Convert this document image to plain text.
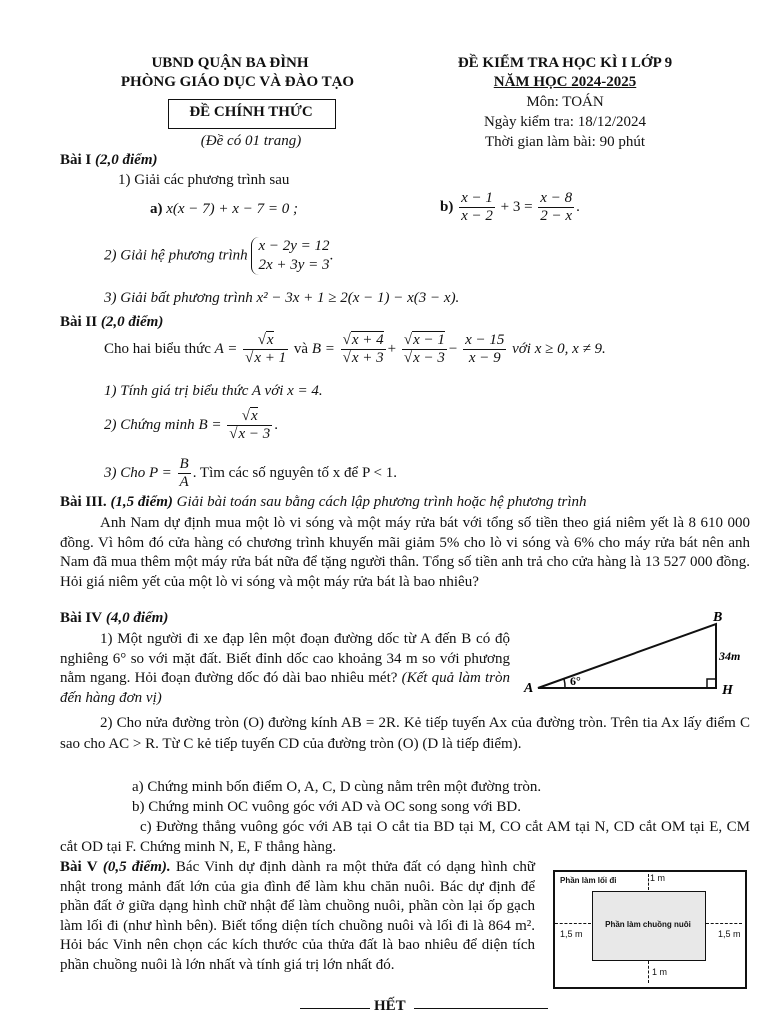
UBND QUẬN BA ĐÌNH
PHÒNG GIÁO DỤC VÀ ĐÀO TẠO
ĐỀ CHÍNH THỨC
(Đề có 01 trang)
ĐỀ KIỂM TRA HỌC KÌ I LỚP 9
NĂM HỌC 2024-2025
Môn: TOÁN
Ngày kiểm tra: 18/12/2024
Thời gian làm bài: 90 phút
Bài I (2,0 điểm)
1) Giải các phương trình sau
a) x(x − 7) + x − 7 = 0 ;	$b) \frac{x - 1}{x - 2} + 3 = \frac{x - 8}{2 - x}$ .
2) Giải hệ phương trình
x − 2y = 12
2x + 3y = 3
.
3) Giải bất phương trình x² − 3x + 1 ≥ 2(x − 1) − x(3 − x).
Bài II (2,0 điểm)
Cho hai biểu thức $A = \frac{√x}{√x + 1}$ và $B = \frac{√x + 4}{√x + 3} + \frac{√x - 1}{√x - 3} - \frac{x - 15}{x - 9}$ với x ≥ 0, x ≠ 9.
1) Tính giá trị biểu thức A với x = 4.
2) Chứng minh $B = \frac{√x}{√x - 3}$ .
3) Cho $P = \frac{B}{A}$ . Tìm các số nguyên tố x để P < 1.
Bài III. (1,5 điểm) Giải bài toán sau bằng cách lập phương trình hoặc hệ phương trình
Anh Nam dự định mua một lò vi sóng và một máy rửa bát với tổng số tiền theo giá niêm yết là 8 610 000 đồng. Vì hôm đó cửa hàng có chương trình khuyến mãi giảm 5% cho lò vi sóng và 6% cho máy rửa bát nên anh Nam đã mua thêm một máy rửa bát nữa để tặng người thân. Tổng số tiền anh trả cho cửa hàng là 13 527 000 đồng. Hỏi giá niêm yết của một lò vi sóng và một máy rửa bát là bao nhiêu?
Bài IV (4,0 điểm)
1) Một người đi xe đạp lên một đoạn đường dốc từ A đến B có độ nghiêng 6° so với mặt đất. Biết đỉnh dốc cao khoảng 34 m so với phương nằm ngang. Hỏi đoạn đường dốc đó dài bao nhiêu mét? (Kết quả làm tròn đến hàng đơn vị)
A
B
H
6°
34m
2) Cho nửa đường tròn (O) đường kính AB = 2R. Kẻ tiếp tuyến Ax của đường tròn. Trên tia Ax lấy điểm C sao cho AC > R. Từ C kẻ tiếp tuyến CD của đường tròn (O) (D là tiếp điểm).
a) Chứng minh bốn điểm O, A, C, D cùng nằm trên một đường tròn.
b) Chứng minh OC vuông góc với AD và OC song song với BD.
c) Đường thẳng vuông góc với AB tại O cắt tia BD tại M, CO cắt AM tại N, CD cắt OM tại E, CM cắt OD tại F. Chứng minh N, E, F thẳng hàng.
Bài V (0,5 điểm). Bác Vinh dự định dành ra một thửa đất có dạng hình chữ nhật trong mảnh đất lớn của gia đình để làm khu chăn nuôi. Bác dự định để phần đất ở giữa dạng hình chữ nhật để làm chuồng nuôi, phần còn lại ốp gạch làm lối đi (như hình bên). Biết tổng diện tích chuồng nuôi và lối đi là 864 m². Hỏi bác Vinh nên chọn các kích thước của thửa đất là bao nhiêu để diện tích phần chuồng nuôi là lớn nhất và tính giá trị lớn nhất đó.
Phần làm lối đi	1 m
Phần làm chuồng nuôi
1,5 m	1,5 m
1 m
HẾT
